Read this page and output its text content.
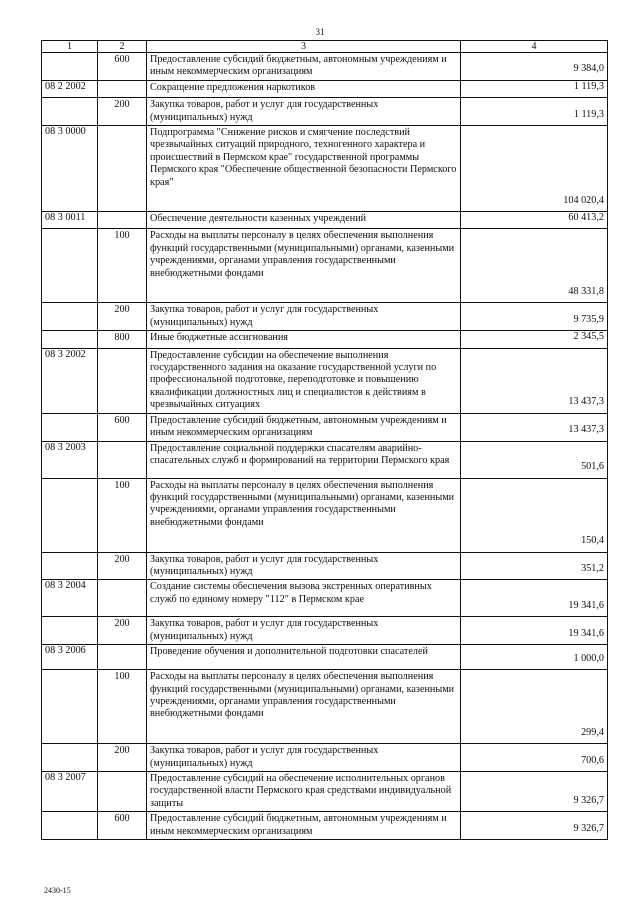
31
1	2	3	4
	600	Предоставление субсидий бюджетным, автономным учреждениям и иным некоммерческим организациям	9 384,0
08 2 2002		Сокращение предложения наркотиков	1 119,3
	200	Закупка товаров, работ и услуг для государственных (муниципальных) нужд	1 119,3
08 3 0000		Подпрограмма "Снижение рисков и смягчение последствий чрезвычайных ситуаций природного, техногенного характера и происшествий в Пермском крае" государственной программы Пермского края "Обеспечение общественной безопасности Пермского края"	104 020,4
08 3 0011		Обеспечение деятельности казенных учреждений	60 413,2
	100	Расходы на выплаты персоналу в целях обеспечения выполнения функций государственными (муниципальными) органами, казенными учреждениями, органами управления государственными внебюджетными фондами	48 331,8
	200	Закупка товаров, работ и услуг для государственных (муниципальных) нужд	9 735,9
	800	Иные бюджетные ассигнования	2 345,5
08 3 2002		Предоставление субсидии на обеспечение выполнения государственного задания на оказание государственной услуги по профессиональной подготовке, переподготовке и повышению квалификации должностных лиц и специалистов к действиям в чрезвычайных ситуациях	13 437,3
	600	Предоставление субсидий бюджетным, автономным учреждениям и иным некоммерческим организациям	13 437,3
08 3 2003		Предоставление социальной поддержки спасателям аварийно-спасательных служб и формирований на территории Пермского края	501,6
	100	Расходы на выплаты персоналу в целях обеспечения выполнения функций государственными (муниципальными) органами, казенными учреждениями, органами управления государственными внебюджетными фондами	150,4
	200	Закупка товаров, работ и услуг для государственных (муниципальных) нужд	351,2
08 3 2004		Создание системы обеспечения вызова экстренных оперативных служб по единому номеру "112" в Пермском крае	19 341,6
	200	Закупка товаров, работ и услуг для государственных (муниципальных) нужд	19 341,6
08 3 2006		Проведение обучения и дополнительной подготовки спасателей	1 000,0
	100	Расходы на выплаты персоналу в целях обеспечения выполнения функций государственными (муниципальными) органами, казенными учреждениями, органами управления государственными внебюджетными фондами	299,4
	200	Закупка товаров, работ и услуг для государственных (муниципальных) нужд	700,6
08 3 2007		Предоставление субсидий на обеспечение исполнительных органов государственной власти Пермского края средствами индивидуальной защиты	9 326,7
	600	Предоставление субсидий бюджетным, автономным учреждениям и иным некоммерческим организациям	9 326,7
2430-15
